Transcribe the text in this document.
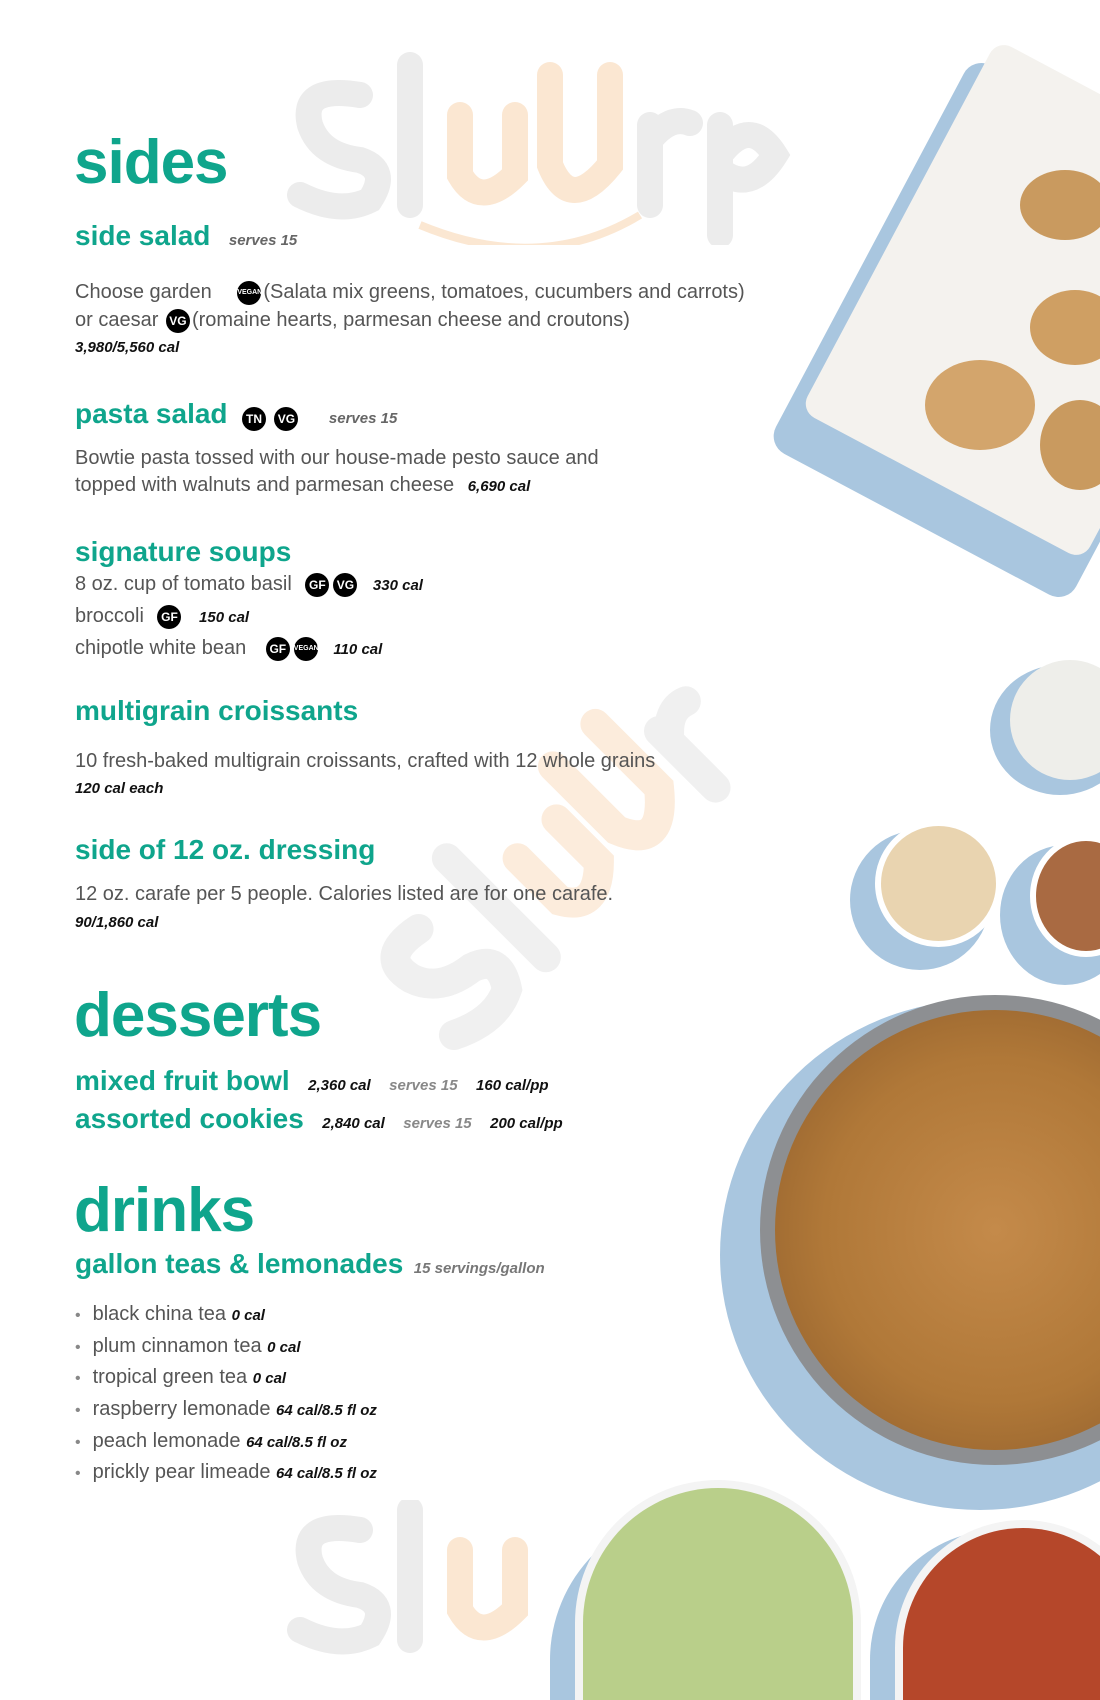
sides
side salad serves 15
Choose garden	VEGAN(Salata mix greens, tomatoes, cucumbers and carrots)
or caesar VG (romaine hearts, parmesan cheese and croutons)
3,980/5,560 cal
pasta salad TN VG serves 15
Bowtie pasta tossed with our house-made pesto sauce and
topped with walnuts and parmesan cheese 6,690 cal
signature soups
8 oz. cup of tomato basil GF VG 330 cal
broccoli GF 150 cal
chipotle white bean GF VEGAN 110 cal
multigrain croissants
10 fresh-baked multigrain croissants, crafted with 12 whole grains
120 cal each
side of 12 oz. dressing
12 oz. carafe per 5 people. Calories listed are for one carafe.
90/1,860 cal
desserts
mixed fruit bowl 2,360 cal serves 15 160 cal/pp
assorted cookies 2,840 cal serves 15 200 cal/pp
drinks
gallon teas & lemonades 15 servings/gallon
• black china tea 0 cal
• plum cinnamon tea 0 cal
• tropical green tea 0 cal
• raspberry lemonade 64 cal/8.5 fl oz
• peach lemonade 64 cal/8.5 fl oz
• prickly pear limeade 64 cal/8.5 fl oz
